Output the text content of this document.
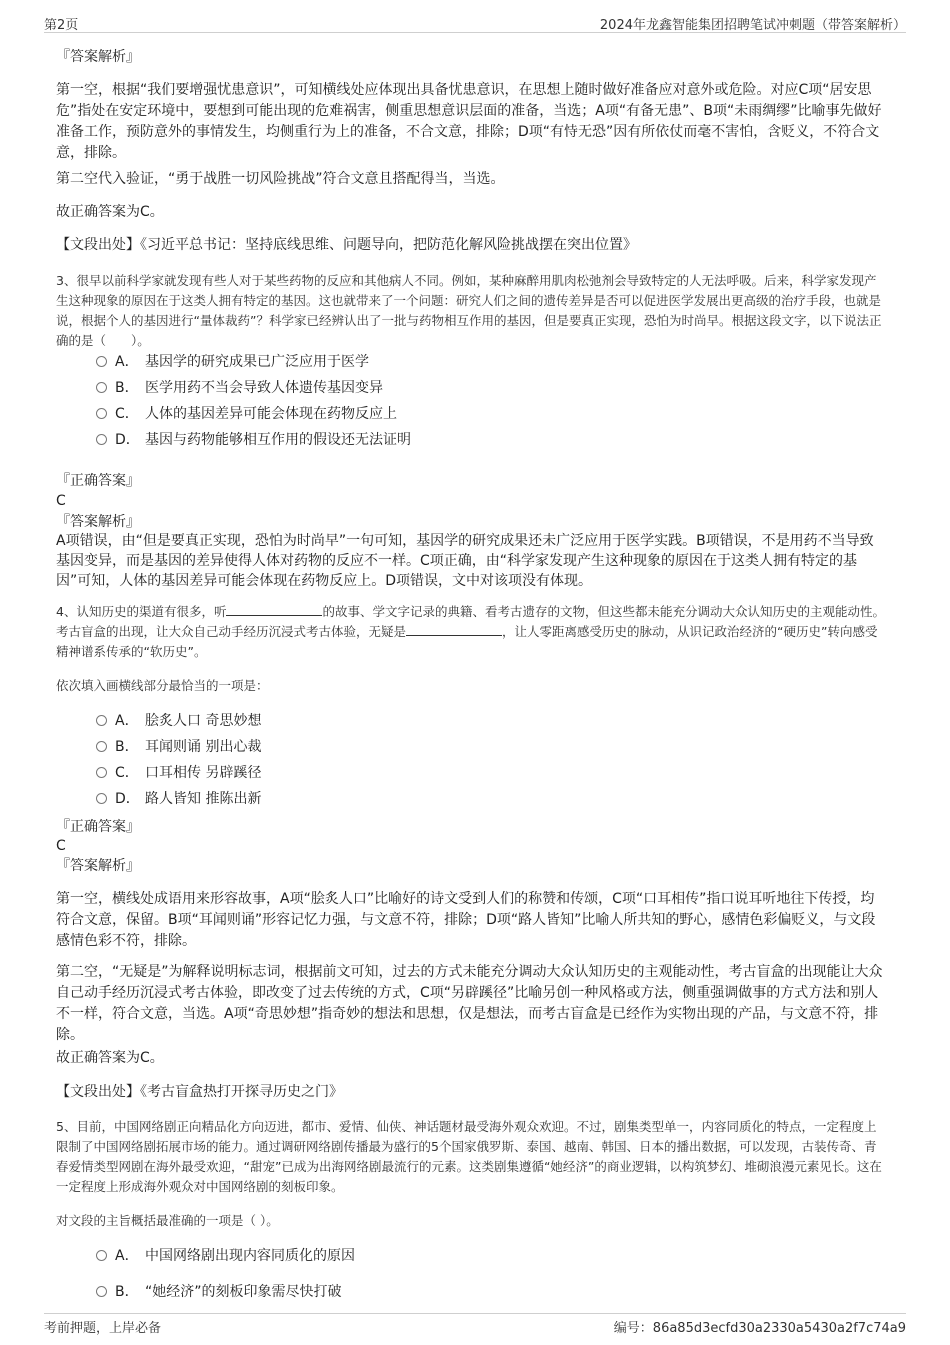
第2页	2024年龙鑫智能集团招聘笔试冲刺题（带答案解析）
『答案解析』
第一空，根据“我们要增强忧患意识”，可知横线处应体现出具备忧患意识，在思想上随时做好准备应对意外或危险。对应C项“居安思危”指处在安定环境中，要想到可能出现的危难祸害，侧重思想意识层面的准备，当选；A项“有备无患”、B项“未雨绸缪”比喻事先做好准备工作，预防意外的事情发生，均侧重行为上的准备，不合文意，排除；D项“有恃无恐”因有所依仗而毫不害怕，含贬义，不符合文意，排除。
第二空代入验证，“勇于战胜一切风险挑战”符合文意且搭配得当，当选。
故正确答案为C。
【文段出处】《习近平总书记：坚持底线思维、问题导向，把防范化解风险挑战摆在突出位置》
3、很早以前科学家就发现有些人对于某些药物的反应和其他病人不同。例如，某种麻醉用肌肉松弛剂会导致特定的人无法呼吸。后来，科学家发现产生这种现象的原因在于这类人拥有特定的基因。这也就带来了一个问题：研究人们之间的遗传差异是否可以促进医学发展出更高级的治疗手段，也就是说，根据个人的基因进行“量体裁药”？科学家已经辨认出了一批与药物相互作用的基因，但是要真正实现，恐怕为时尚早。根据这段文字，以下说法正确的是（　　）。
A． 基因学的研究成果已广泛应用于医学
B． 医学用药不当会导致人体遗传基因变异
C． 人体的基因差异可能会体现在药物反应上
D． 基因与药物能够相互作用的假设还无法证明
『正确答案』
C
『答案解析』
A项错误，由“但是要真正实现，恐怕为时尚早”一句可知，基因学的研究成果还未广泛应用于医学实践。B项错误，不是用药不当导致基因变异，而是基因的差异使得人体对药物的反应不一样。C项正确，由“科学家发现产生这种现象的原因在于这类人拥有特定的基因”可知，人体的基因差异可能会体现在药物反应上。D项错误，文中对该项没有体现。
4、认知历史的渠道有很多，听	的故事、学文字记录的典籍、看考古遗存的文物，但这些都未能充分调动大众认知历史的主观能动性。考古盲盒的出现，让大众自己动手经历沉浸式考古体验，无疑是	，让人零距离感受历史的脉动，从识记政治经济的“硬历史”转向感受精神谱系传承的“软历史”。
依次填入画横线部分最恰当的一项是：
A． 脍炙人口 奇思妙想
B． 耳闻则诵 别出心裁
C． 口耳相传 另辟蹊径
D． 路人皆知 推陈出新
『正确答案』
C
『答案解析』
第一空，横线处成语用来形容故事，A项“脍炙人口”比喻好的诗文受到人们的称赞和传颂，C项“口耳相传”指口说耳听地往下传授，均符合文意，保留。B项“耳闻则诵”形容记忆力强，与文意不符，排除；D项“路人皆知”比喻人所共知的野心，感情色彩偏贬义，与文段感情色彩不符，排除。
第二空，“无疑是”为解释说明标志词，根据前文可知，过去的方式未能充分调动大众认知历史的主观能动性，考古盲盒的出现能让大众自己动手经历沉浸式考古体验，即改变了过去传统的方式，C项“另辟蹊径”比喻另创一种风格或方法，侧重强调做事的方式方法和别人不一样，符合文意，当选。A项“奇思妙想”指奇妙的想法和思想，仅是想法，而考古盲盒是已经作为实物出现的产品，与文意不符，排除。
故正确答案为C。
【文段出处】《考古盲盒热打开探寻历史之门》
5、目前，中国网络剧正向精品化方向迈进，都市、爱情、仙侠、神话题材最受海外观众欢迎。不过，剧集类型单一，内容同质化的特点，一定程度上限制了中国网络剧拓展市场的能力。通过调研网络剧传播最为盛行的5个国家俄罗斯、泰国、越南、韩国、日本的播出数据，可以发现，古装传奇、青春爱情类型网剧在海外最受欢迎，“甜宠”已成为出海网络剧最流行的元素。这类剧集遵循“她经济”的商业逻辑，以构筑梦幻、堆砌浪漫元素见长。这在一定程度上形成海外观众对中国网络剧的刻板印象。
对文段的主旨概括最准确的一项是（ ）。
A． 中国网络剧出现内容同质化的原因
B． “她经济”的刻板印象需尽快打破
考前押题，上岸必备	编号：86a85d3ecfd30a2330a5430a2f7c74a9
